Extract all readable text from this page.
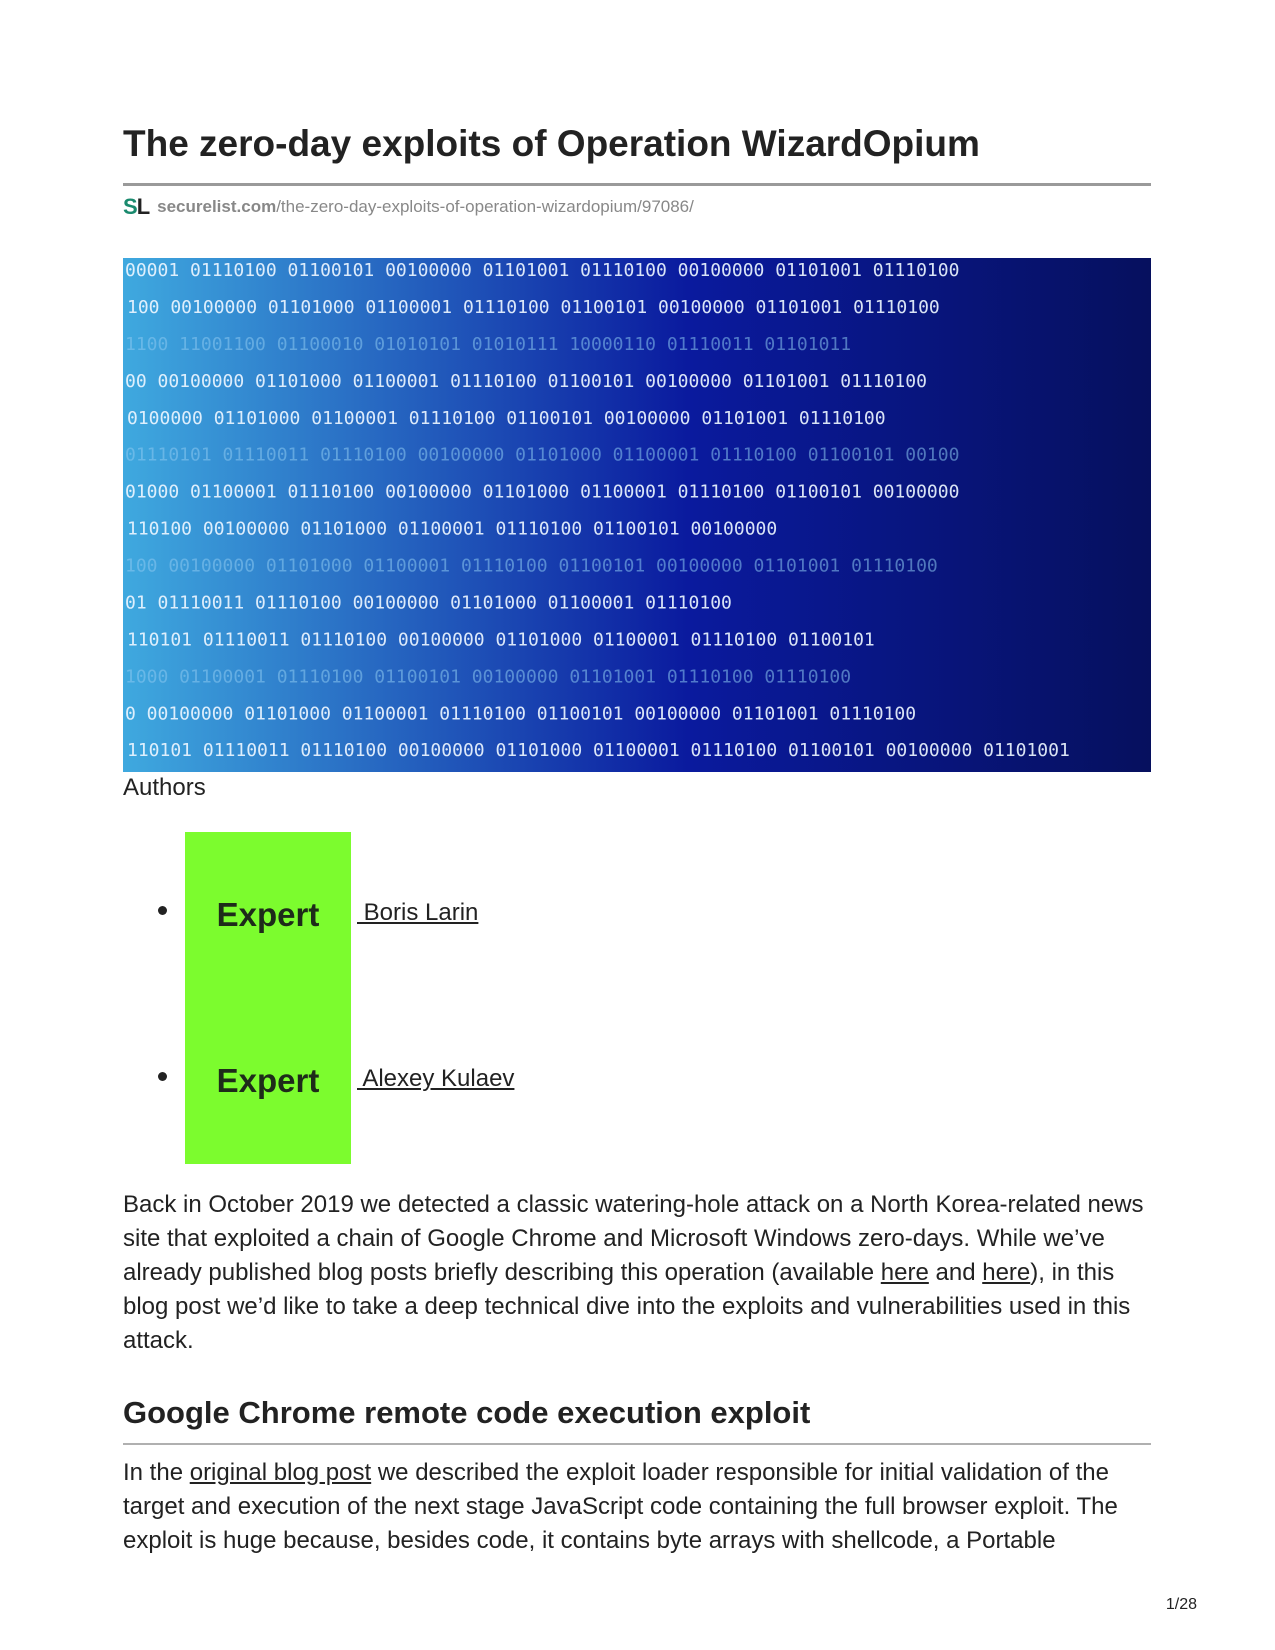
The zero-day exploits of Operation WizardOpium
S L securelist.com /the-zero-day-exploits-of-operation-wizardopium/97086/
00001 01110100 01100101 00100000 01101001 01110100 00100000 01101001 01110100
100 00100000 01101000 01100001 01110100 01100101 00100000 01101001 01110100
1100 11001100 01100010 01010101 01010111 10000110 01110011 01101011
00 00100000 01101000 01100001 01110100 01100101 00100000 01101001 01110100
0100000 01101000 01100001 01110100 01100101 00100000 01101001 01110100
01110101 01110011 01110100 00100000 01101000 01100001 01110100 01100101 00100
01000 01100001 01110100 00100000 01101000 01100001 01110100 01100101 00100000
110100 00100000 01101000 01100001 01110100 01100101 00100000
100 00100000 01101000 01100001 01110100 01100101 00100000 01101001 01110100
01 01110011 01110100 00100000 01101000 01100001 01110100
110101 01110011 01110100 00100000 01101000 01100001 01110100 01100101
1000 01100001 01110100 01100101 00100000 01101001 01110100 01110100
0 00100000 01101000 01100001 01110100 01100101 00100000 01101001 01110100
110101 01110011 01110100 00100000 01101000 01100001 01110100 01100101 00100000 01101001
Authors
Expert Boris Larin
Expert Alexey Kulaev

Back in October 2019 we detected a classic watering-hole attack on a North Korea-related news site that exploited a chain of Google Chrome and Microsoft Windows zero-days. While we’ve already published blog posts briefly describing this operation (available here and here), in this blog post we’d like to take a deep technical dive into the exploits and vulnerabilities used in this attack.

Google Chrome remote code execution exploit

In the original blog post we described the exploit loader responsible for initial validation of the target and execution of the next stage JavaScript code containing the full browser exploit. The exploit is huge because, besides code, it contains byte arrays with shellcode, a Portable

1/28
